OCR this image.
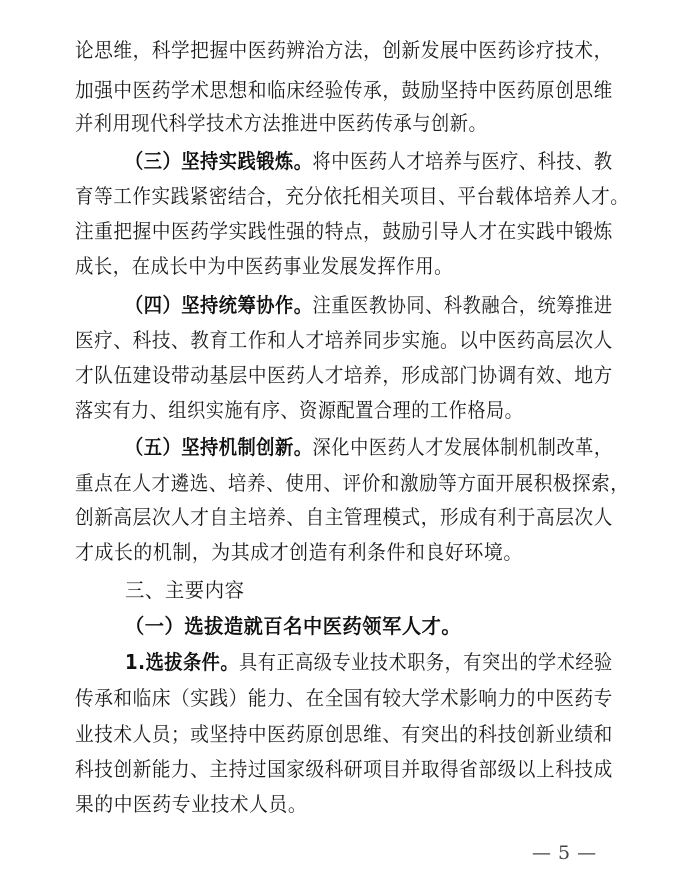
论思维，科学把握中医药辨治方法，创新发展中医药诊疗技术，
加强中医药学术思想和临床经验传承，鼓励坚持中医药原创思维
并利用现代科学技术方法推进中医药传承与创新。
（三）坚持实践锻炼。将中医药人才培养与医疗、科技、教
育等工作实践紧密结合，充分依托相关项目、平台载体培养人才。
注重把握中医药学实践性强的特点，鼓励引导人才在实践中锻炼
成长，在成长中为中医药事业发展发挥作用。
（四）坚持统筹协作。注重医教协同、科教融合，统筹推进
医疗、科技、教育工作和人才培养同步实施。以中医药高层次人
才队伍建设带动基层中医药人才培养，形成部门协调有效、地方
落实有力、组织实施有序、资源配置合理的工作格局。
（五）坚持机制创新。深化中医药人才发展体制机制改革，
重点在人才遴选、培养、使用、评价和激励等方面开展积极探索，
创新高层次人才自主培养、自主管理模式，形成有利于高层次人
才成长的机制，为其成才创造有利条件和良好环境。
三、主要内容
（一）选拔造就百名中医药领军人才。
1.选拔条件。具有正高级专业技术职务，有突出的学术经验
传承和临床（实践）能力、在全国有较大学术影响力的中医药专
业技术人员；或坚持中医药原创思维、有突出的科技创新业绩和
科技创新能力、主持过国家级科研项目并取得省部级以上科技成
果的中医药专业技术人员。
— 5 —
